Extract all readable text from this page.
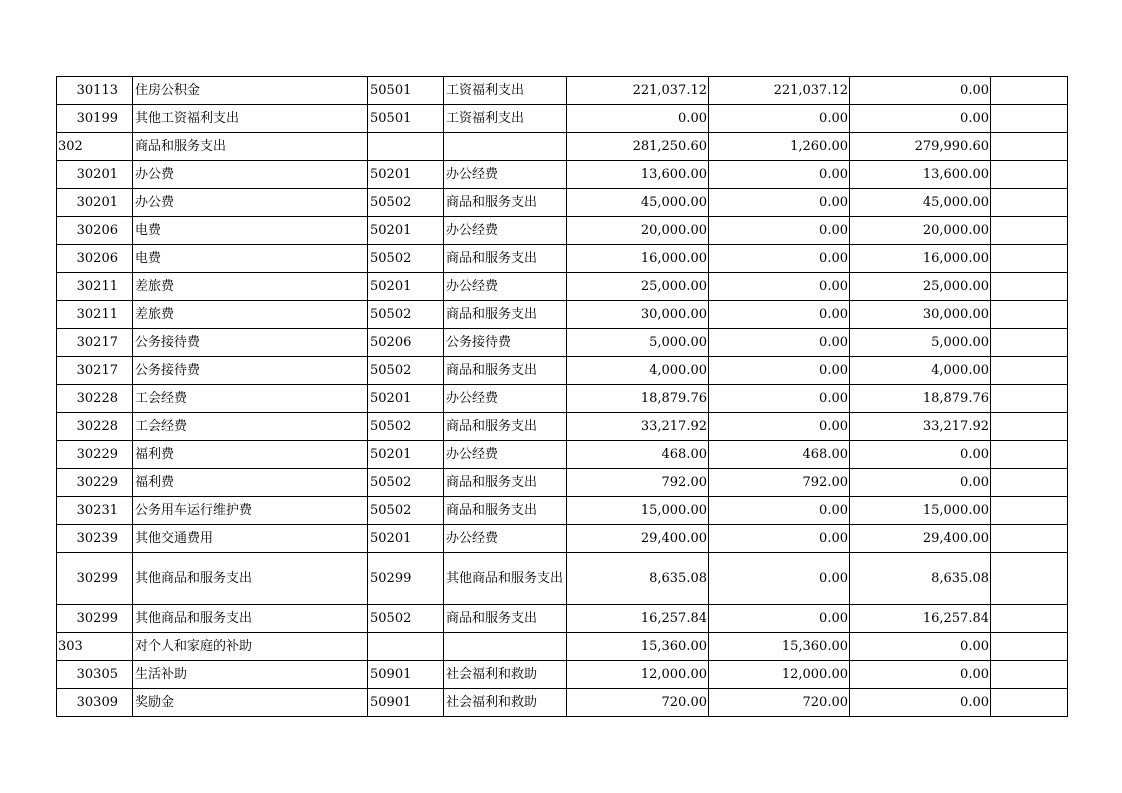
30113	住房公积金	50501	工资福利支出	221,037.12	221,037.12	0.00	
30199	其他工资福利支出	50501	工资福利支出	0.00	0.00	0.00	
302	商品和服务支出			281,250.60	1,260.00	279,990.60	
30201	办公费	50201	办公经费	13,600.00	0.00	13,600.00	
30201	办公费	50502	商品和服务支出	45,000.00	0.00	45,000.00	
30206	电费	50201	办公经费	20,000.00	0.00	20,000.00	
30206	电费	50502	商品和服务支出	16,000.00	0.00	16,000.00	
30211	差旅费	50201	办公经费	25,000.00	0.00	25,000.00	
30211	差旅费	50502	商品和服务支出	30,000.00	0.00	30,000.00	
30217	公务接待费	50206	公务接待费	5,000.00	0.00	5,000.00	
30217	公务接待费	50502	商品和服务支出	4,000.00	0.00	4,000.00	
30228	工会经费	50201	办公经费	18,879.76	0.00	18,879.76	
30228	工会经费	50502	商品和服务支出	33,217.92	0.00	33,217.92	
30229	福利费	50201	办公经费	468.00	468.00	0.00	
30229	福利费	50502	商品和服务支出	792.00	792.00	0.00	
30231	公务用车运行维护费	50502	商品和服务支出	15,000.00	0.00	15,000.00	
30239	其他交通费用	50201	办公经费	29,400.00	0.00	29,400.00	
30299	其他商品和服务支出	50299	其他商品和服务支出	8,635.08	0.00	8,635.08	
30299	其他商品和服务支出	50502	商品和服务支出	16,257.84	0.00	16,257.84	
303	对个人和家庭的补助			15,360.00	15,360.00	0.00	
30305	生活补助	50901	社会福利和救助	12,000.00	12,000.00	0.00	
30309	奖励金	50901	社会福利和救助	720.00	720.00	0.00	
